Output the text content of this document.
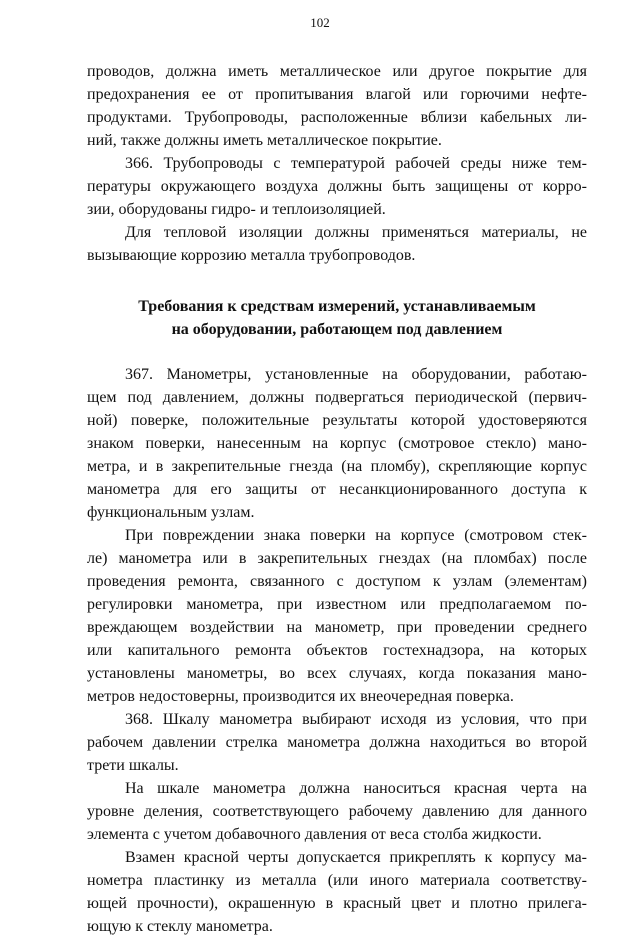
102
проводов, должна иметь металлическое или другое покрытие для
предохранения ее от пропитывания влагой или горючими нефте-
продуктами. Трубопроводы, расположенные вблизи кабельных ли-
ний, также должны иметь металлическое покрытие.
366. Трубопроводы с температурой рабочей среды ниже тем-
пературы окружающего воздуха должны быть защищены от корро-
зии, оборудованы гидро- и теплоизоляцией.
Для тепловой изоляции должны применяться материалы, не
вызывающие коррозию металла трубопроводов.
Требования к средствам измерений, устанавливаемым
на оборудовании, работающем под давлением
367. Манометры, установленные на оборудовании, работаю-
щем под давлением, должны подвергаться периодической (первич-
ной) поверке, положительные результаты которой удостоверяются
знаком поверки, нанесенным на корпус (смотровое стекло) мано-
метра, и в закрепительные гнезда (на пломбу), скрепляющие корпус
манометра для его защиты от несанкционированного доступа к
функциональным узлам.
При повреждении знака поверки на корпусе (смотровом стек-
ле) манометра или в закрепительных гнездах (на пломбах) после
проведения ремонта, связанного с доступом к узлам (элементам)
регулировки манометра, при известном или предполагаемом по-
вреждающем воздействии на манометр, при проведении среднего
или капитального ремонта объектов гостехнадзора, на которых
установлены манометры, во всех случаях, когда показания мано-
метров недостоверны, производится их внеочередная поверка.
368. Шкалу манометра выбирают исходя из условия, что при
рабочем давлении стрелка манометра должна находиться во второй
трети шкалы.
На шкале манометра должна наноситься красная черта на
уровне деления, соответствующего рабочему давлению для данного
элемента с учетом добавочного давления от веса столба жидкости.
Взамен красной черты допускается прикреплять к корпусу ма-
нометра пластинку из металла (или иного материала соответству-
ющей прочности), окрашенную в красный цвет и плотно прилега-
ющую к стеклу манометра.
